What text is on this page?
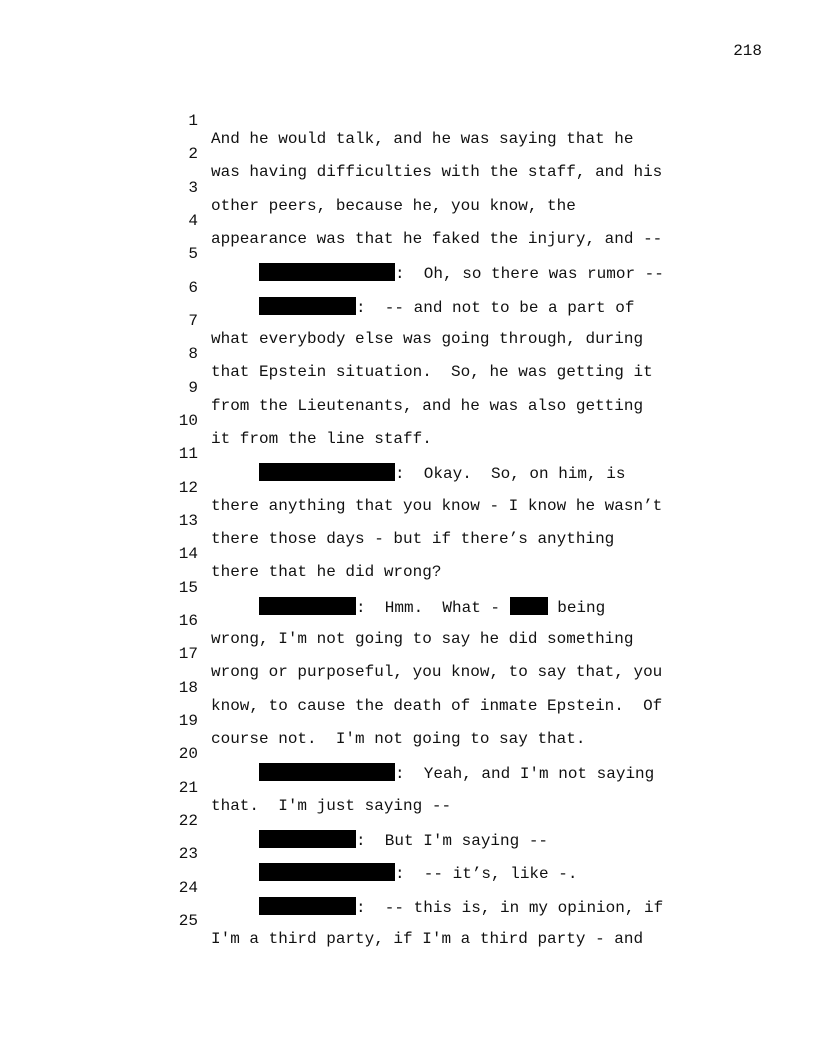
218

1

And he would talk, and he was saying that he

2

was having difficulties with the staff, and his

3

other peers, because he, you know, the

4

appearance was that he faked the injury, and --

5

:  Oh, so there was rumor --

6

:  -- and not to be a part of

7

what everybody else was going through, during

8

that Epstein situation.  So, he was getting it

9

from the Lieutenants, and he was also getting

10

it from the line staff.

11

:  Okay.  So, on him, is

12

there anything that you know - I know he wasn’t

13

there those days - but if there’s anything

14

there that he did wrong?

15

:  Hmm.  What -  being

16

wrong, I'm not going to say he did something

17

wrong or purposeful, you know, to say that, you

18

know, to cause the death of inmate Epstein.  Of

19

course not.  I'm not going to say that.

20

:  Yeah, and I'm not saying

21

that.  I'm just saying --

22

:  But I'm saying --

23

:  -- it’s, like -.

24

:  -- this is, in my opinion, if

25

I'm a third party, if I'm a third party - and
